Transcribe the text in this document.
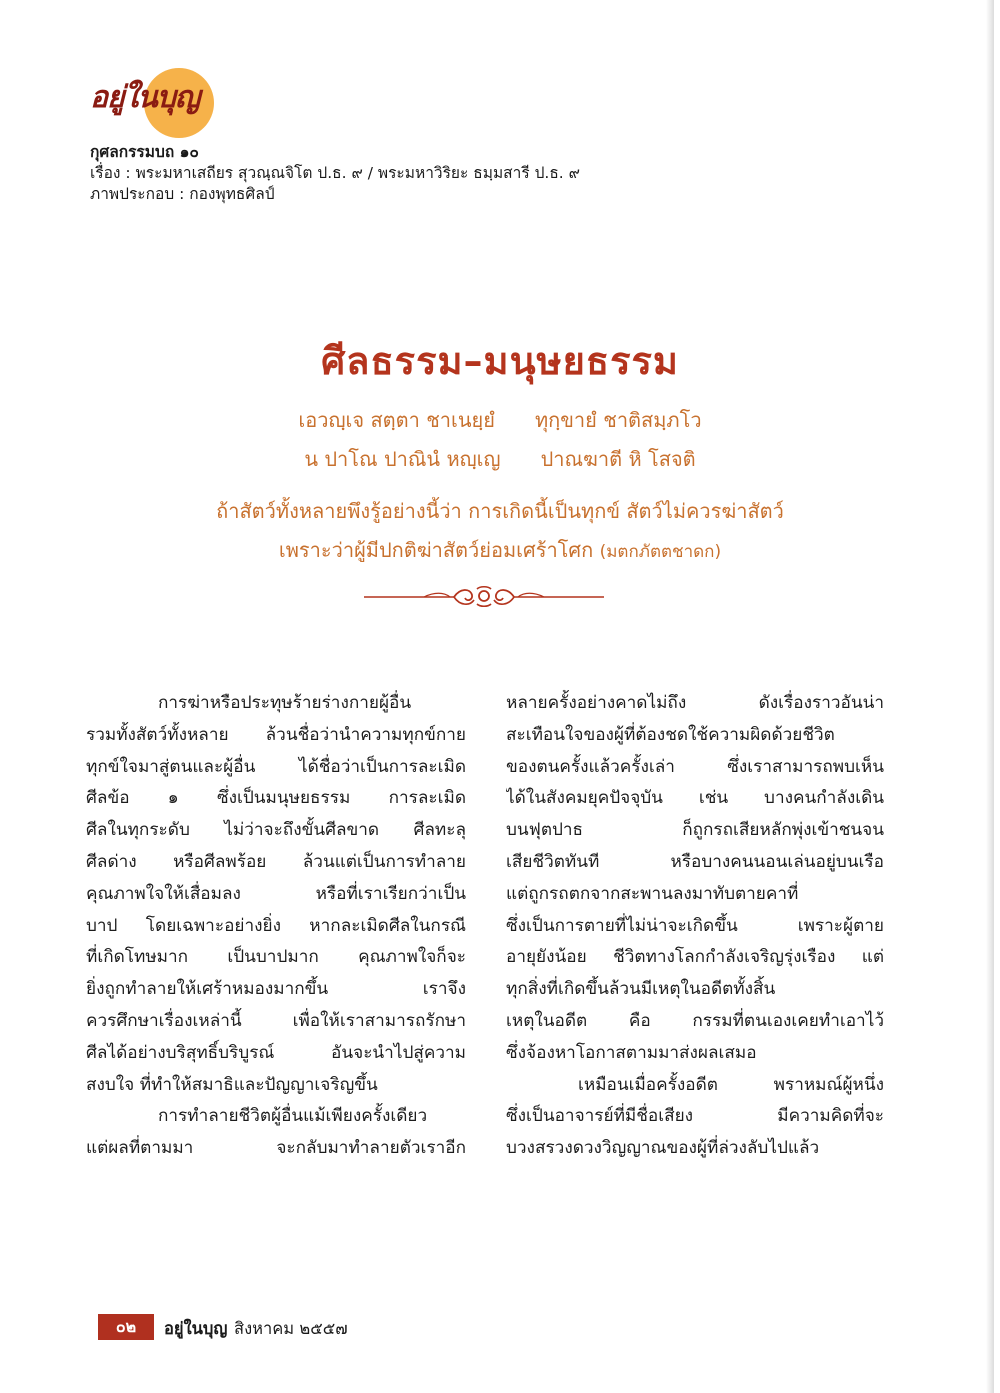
อยู่ในบุญ
กุศลกรรมบถ ๑๐
เรื่อง : พระมหาเสถียร สุวณฺณจิโต ป.ธ. ๙ / พระมหาวิริยะ ธมฺมสารี ป.ธ. ๙
ภาพประกอบ : กองพุทธศิลป์
ศีลธรรม–มนุษยธรรม
เอวญฺเจ สตฺตา ชาเนยฺยํ ทุกฺขายํ ชาติสมฺภโว
น ปาโณ ปาณินํ หญฺเญ ปาณฆาตี หิ โสจติ
ถ้าสัตว์ทั้งหลายพึงรู้อย่างนี้ว่า การเกิดนี้เป็นทุกข์ สัตว์ไม่ควรฆ่าสัตว์
เพราะว่าผู้มีปกติฆ่าสัตว์ย่อมเศร้าโศก (มตกภัตตชาดก)
การฆ่าหรือประทุษร้ายร่างกายผู้อื่น
รวมทั้งสัตว์ทั้งหลาย ล้วนชื่อว่านำความทุกข์กาย
ทุกข์ใจมาสู่ตนและผู้อื่น ได้ชื่อว่าเป็นการละเมิด
ศีลข้อ ๑ ซึ่งเป็นมนุษยธรรม การละเมิด
ศีลในทุกระดับ ไม่ว่าจะถึงขั้นศีลขาด ศีลทะลุ
ศีลด่าง หรือศีลพร้อย ล้วนแต่เป็นการทำลาย
คุณภาพใจให้เสื่อมลง หรือที่เราเรียกว่าเป็น
บาป โดยเฉพาะอย่างยิ่ง หากละเมิดศีลในกรณี
ที่เกิดโทษมาก เป็นบาปมาก คุณภาพใจก็จะ
ยิ่งถูกทำลายให้เศร้าหมองมากขึ้น เราจึง
ควรศึกษาเรื่องเหล่านี้ เพื่อให้เราสามารถรักษา
ศีลได้อย่างบริสุทธิ์บริบูรณ์ อันจะนำไปสู่ความ
สงบใจ ที่ทำให้สมาธิและปัญญาเจริญขึ้น
การทำลายชีวิตผู้อื่นแม้เพียงครั้งเดียว
แต่ผลที่ตามมา จะกลับมาทำลายตัวเราอีก
หลายครั้งอย่างคาดไม่ถึง ดังเรื่องราวอันน่า
สะเทือนใจของผู้ที่ต้องชดใช้ความผิดด้วยชีวิต
ของตนครั้งแล้วครั้งเล่า ซึ่งเราสามารถพบเห็น
ได้ในสังคมยุคปัจจุบัน เช่น บางคนกำลังเดิน
บนฟุตปาธ ก็ถูกรถเสียหลักพุ่งเข้าชนจน
เสียชีวิตทันที หรือบางคนนอนเล่นอยู่บนเรือ
แต่ถูกรถตกจากสะพานลงมาทับตายคาที่
ซึ่งเป็นการตายที่ไม่น่าจะเกิดขึ้น เพราะผู้ตาย
อายุยังน้อย ชีวิตทางโลกกำลังเจริญรุ่งเรือง แต่
ทุกสิ่งที่เกิดขึ้นล้วนมีเหตุในอดีตทั้งสิ้น
เหตุในอดีต คือ กรรมที่ตนเองเคยทำเอาไว้
ซึ่งจ้องหาโอกาสตามมาส่งผลเสมอ
เหมือนเมื่อครั้งอดีต พราหมณ์ผู้หนึ่ง
ซึ่งเป็นอาจารย์ที่มีชื่อเสียง มีความคิดที่จะ
บวงสรวงดวงวิญญาณของผู้ที่ล่วงลับไปแล้ว
๐๒	อยู่ในบุญ สิงหาคม ๒๕๕๗
